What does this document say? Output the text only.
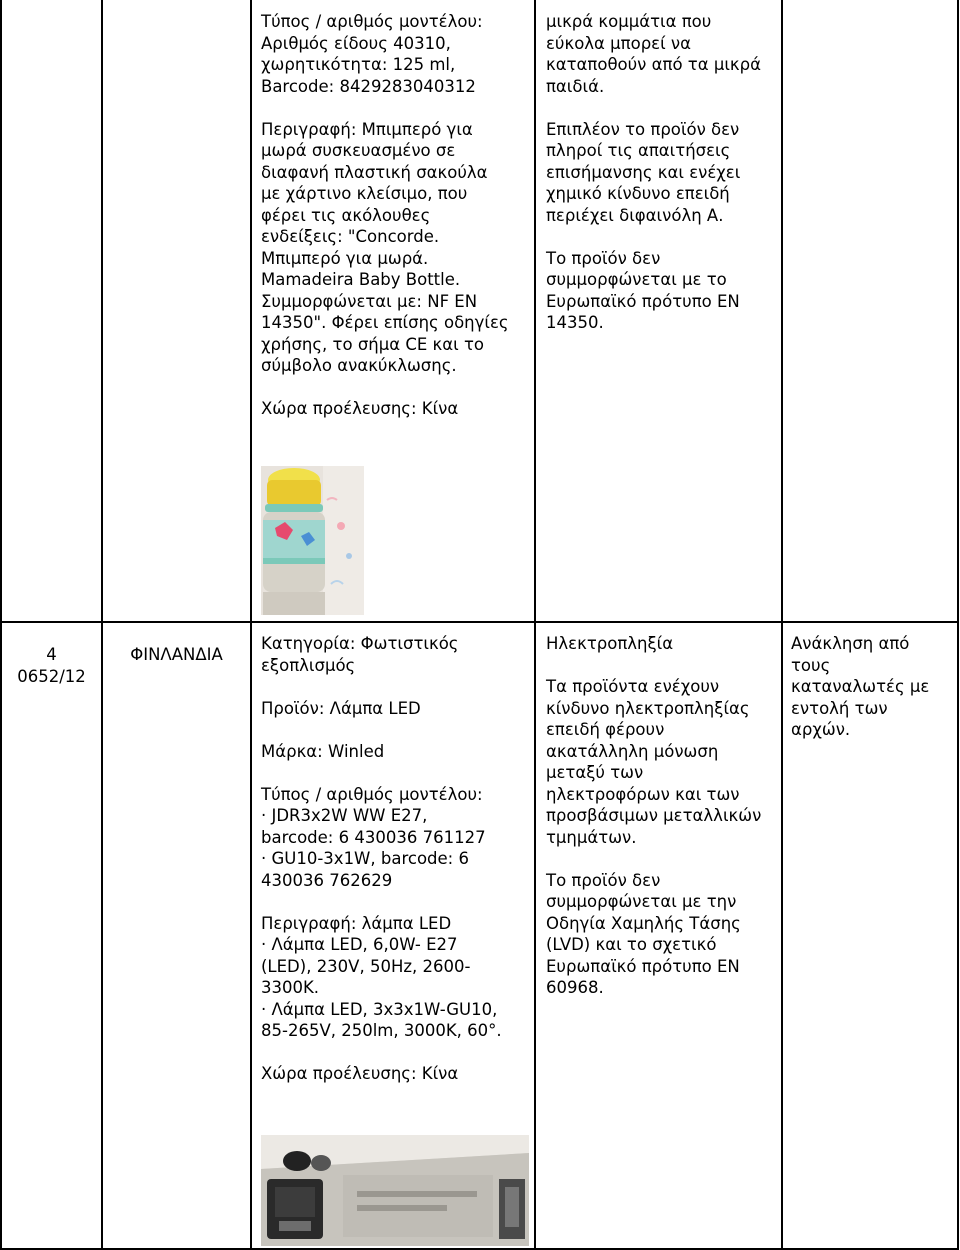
Τύπος / αριθμός μοντέλου:
Αριθμός είδους 40310,
χωρητικότητα: 125 ml,
Barcode: 8429283040312

Περιγραφή: Μπιμπερό για
μωρά συσκευασμένο σε
διαφανή πλαστική σακούλα
με χάρτινο κλείσιμο, που
φέρει τις ακόλουθες
ενδείξεις: "Concorde.
Μπιμπερό για μωρά.
Mamadeira Baby Bottle.
Συμμορφώνεται με: NF EN
14350". Φέρει επίσης οδηγίες
χρήσης, το σήμα CE και το
σύμβολο ανακύκλωσης.

Χώρα προέλευσης: Κίνα

μικρά κομμάτια που
εύκολα μπορεί να
καταποθούν από τα μικρά
παιδιά.

Επιπλέον το προϊόν δεν
πληροί τις απαιτήσεις
επισήμανσης και ενέχει
χημικό κίνδυνο επειδή
περιέχει διφαινόλη Α.

Το προϊόν δεν
συμμορφώνεται με το
Ευρωπαϊκό πρότυπο EN
14350.

4

0652/12

ΦΙΝΛΑΝΔΙΑ

Κατηγορία: Φωτιστικός
εξοπλισμός

Προϊόν: Λάμπα LED

Μάρκα: Winled

Τύπος / αριθμός μοντέλου:
· JDR3x2W WW E27,
barcode: 6 430036 761127
· GU10-3x1W, barcode: 6
430036 762629

Περιγραφή: λάμπα LED
· Λάμπα LED, 6,0W- E27
(LED), 230V, 50Hz, 2600-
3300K.
· Λάμπα LED, 3x3x1W-GU10,
85-265V, 250lm, 3000K, 60°.

Χώρα προέλευσης: Κίνα

Ηλεκτροπληξία

Τα προϊόντα ενέχουν
κίνδυνο ηλεκτροπληξίας
επειδή φέρουν
ακατάλληλη μόνωση
μεταξύ των
ηλεκτροφόρων και των
προσβάσιμων μεταλλικών
τμημάτων.

Το προϊόν δεν
συμμορφώνεται με την
Οδηγία Χαμηλής Τάσης
(LVD) και το σχετικό
Ευρωπαϊκό πρότυπο EN
60968.

Ανάκληση από
τους
καταναλωτές με
εντολή των
αρχών.
